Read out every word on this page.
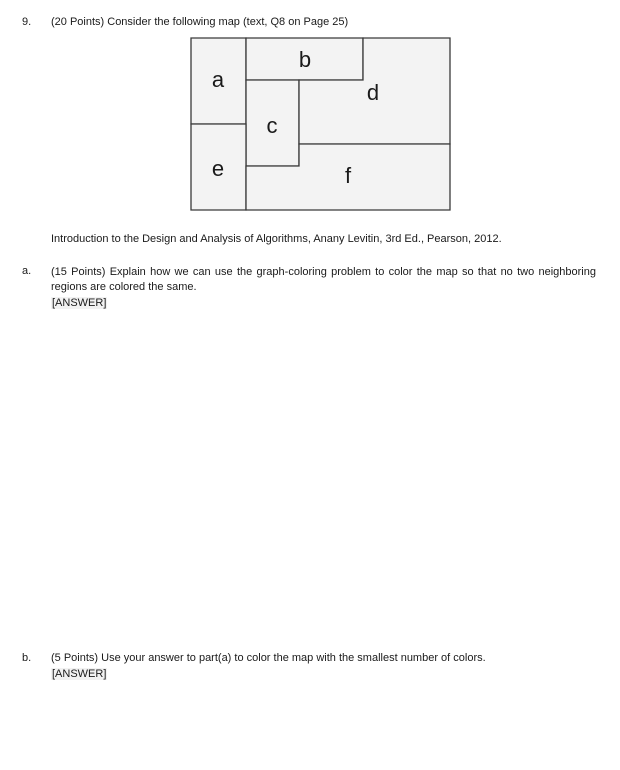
9. (20 Points) Consider the following map (text, Q8 on Page 25)
a
b
c
d
e	f
Introduction to the Design and Analysis of Algorithms, Anany Levitin, 3rd Ed., Pearson, 2012.
a. (15 Points) Explain how we can use the graph-coloring problem to color the map so that no two neighboring regions are colored the same.
[ANSWER]
b. (5 Points) Use your answer to part(a) to color the map with the smallest number of colors.
[ANSWER]
